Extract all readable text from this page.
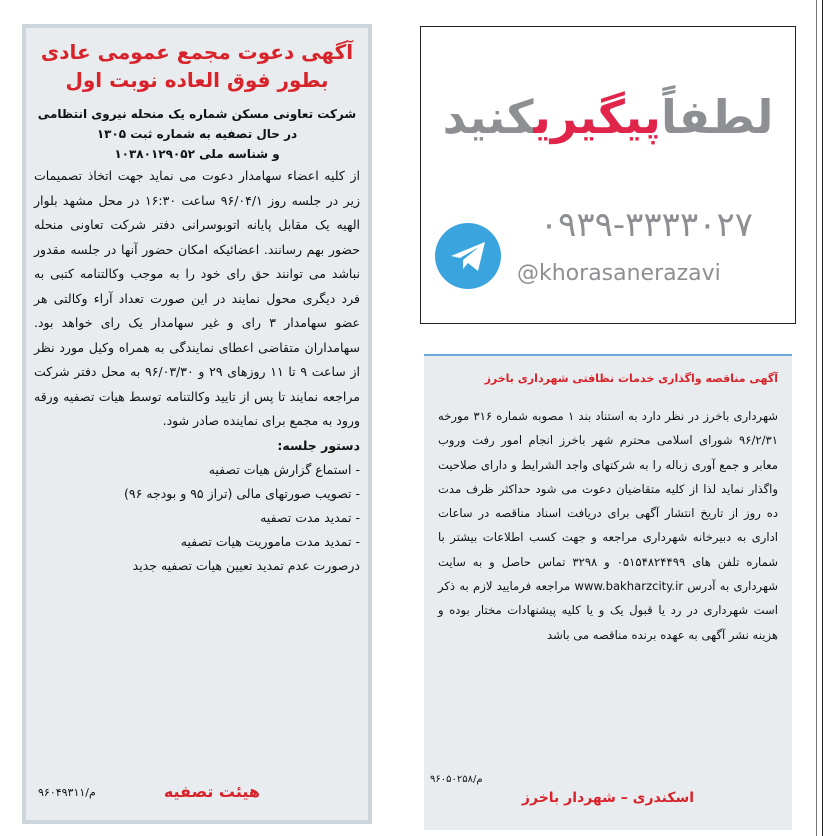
آگهی دعوت مجمع عمومی عادی
بطور فوق العاده نوبت اول
شرکت تعاونی مسکن شماره یک منحله نیروی انتظامی
در حال تصفیه به شماره ثبت ۱۳۰۵
و شناسه ملی ۱۰۳۸۰۱۲۹۰۵۲
از کلیه اعضاء سهامدار دعوت می نماید جهت اتخاذ تصمیمات زیر در جلسه روز ۹۶/۰۴/۱ ساعت ۱۶:۳۰ در محل مشهد بلوار الهیه یک مقابل پایانه اتوبوسرانی دفتر شرکت تعاونی منحله حضور بهم رسانند. اعضائیکه امکان حضور آنها در جلسه مقدور نباشد می توانند حق رای خود را به موجب وکالتنامه کتبی به فرد دیگری محول نمایند در این صورت تعداد آراء وکالتی هر عضو سهامدار ۳ رای و غیر سهامدار یک رای خواهد بود. سهامداران متقاضی اعطای نمایندگی به همراه وکیل مورد نظر از ساعت ۹ تا ۱۱ روزهای ۲۹ و ۹۶/۰۳/۳۰ به محل دفتر شرکت مراجعه نمایند تا پس از تایید وکالتنامه توسط هیات تصفیه ورقه ورود به مجمع برای نماینده صادر شود.
دستور جلسه:
- استماع گزارش هیات تصفیه
- تصویب صورتهای مالی (تراز ۹۵ و بودجه ۹۶)
- تمدید مدت تصفیه
- تمدید مدت ماموریت هیات تصفیه
درصورت عدم تمدید تعیین هیات تصفیه جدید
هیئت تصفیه
م/۹۶۰۴۹۳۱۱
لطفاًپیگیریکنید
۰۹۳۹-۳۳۳۳۰۲۷
@khorasanerazavi
آگهی مناقصه واگذاری خدمات نظافتی شهرداری باخرز
شهرداری باخرز در نظر دارد به استناد بند ۱ مصوبه شماره ۳۱۶ مورخه ۹۶/۲/۳۱ شورای اسلامی محترم شهر باخرز انجام امور رفت وروب معابر و جمع آوری زباله را به شرکتهای واجد الشرایط و دارای صلاحیت واگذار نماید لذا از کلیه متقاضیان دعوت می شود حداکثر ظرف مدت ده روز از تاریخ انتشار آگهی برای دریافت اسناد مناقصه در ساعات اداری به دبیرخانه شهرداری مراجعه و جهت کسب اطلاعات بیشتر با شماره تلفن های ۰۵۱۵۴۸۲۴۴۹۹ و ۳۲۹۸ تماس حاصل و به سایت شهرداری به آدرس www.bakharzcity.ir مراجعه فرمایید لازم به ذکر است شهرداری در رد یا قبول یک و یا کلیه پیشنهادات مختار بوده و هزینه نشر آگهی به عهده برنده مناقصه می باشد
م/۹۶۰۵۰۲۵۸
اسکندری – شهردار باخرز
